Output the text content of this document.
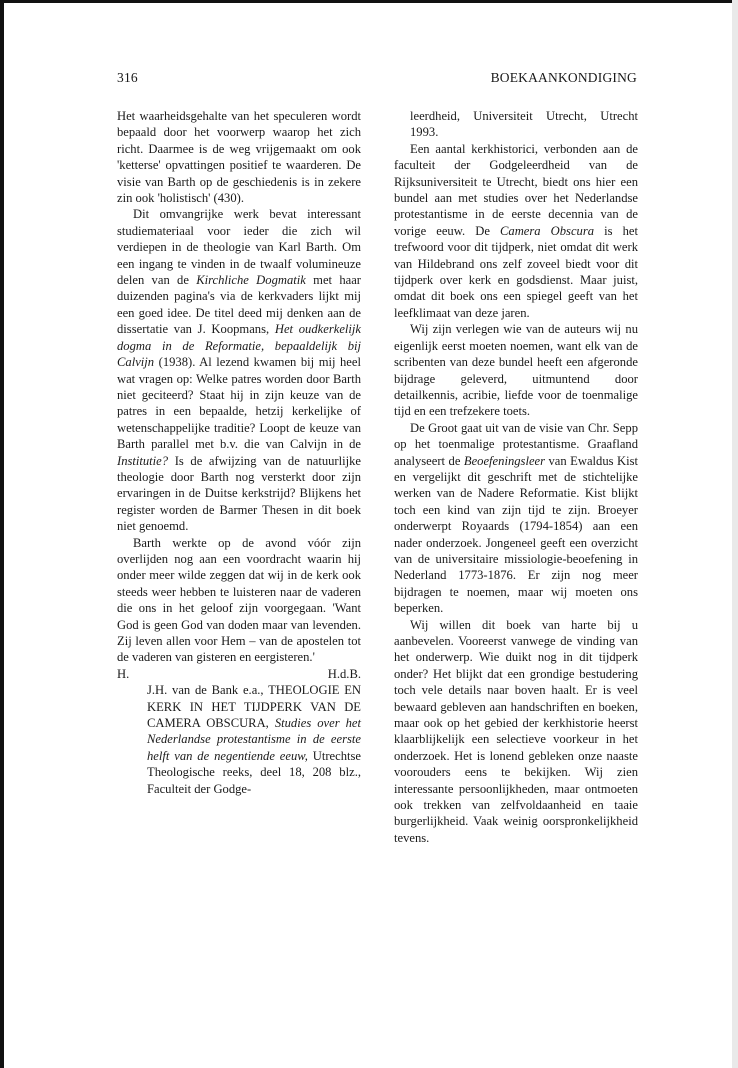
316	BOEKAANKONDIGING

Het waarheidsgehalte van het speculeren wordt bepaald door het voorwerp waarop het zich richt. Daarmee is de weg vrijgemaakt om ook 'ketterse' opvattingen positief te waarderen. De visie van Barth op de geschiedenis is in zekere zin ook 'holistisch' (430).

Dit omvangrijke werk bevat interessant studiemateriaal voor ieder die zich wil verdiepen in de theologie van Karl Barth. Om een ingang te vinden in de twaalf volumineuze delen van de Kirchliche Dogmatik met haar duizenden pagina's via de kerkvaders lijkt mij een goed idee. De titel deed mij denken aan de dissertatie van J. Koopmans, Het oudkerkelijk dogma in de Reformatie, bepaaldelijk bij Calvijn (1938). Al lezend kwamen bij mij heel wat vragen op: Welke patres worden door Barth niet geciteerd? Staat hij in zijn keuze van de patres in een bepaalde, hetzij kerkelijke of wetenschappelijke traditie? Loopt de keuze van Barth parallel met b.v. die van Calvijn in de Institutie? Is de afwijzing van de natuurlijke theologie door Barth nog versterkt door zijn ervaringen in de Duitse kerkstrijd? Blijkens het register worden de Barmer Thesen in dit boek niet genoemd.

Barth werkte op de avond vóór zijn overlijden nog aan een voordracht waarin hij onder meer wilde zeggen dat wij in de kerk ook steeds weer hebben te luisteren naar de vaderen die ons in het geloof zijn voorgegaan. 'Want God is geen God van doden maar van levenden. Zij leven allen voor Hem – van de apostelen tot de vaderen van gisteren en eergisteren.'

H.	H.d.B.

J.H. van de Bank e.a., THEOLOGIE EN KERK IN HET TIJDPERK VAN DE CAMERA OBSCURA, Studies over het Nederlandse protestantisme in de eerste helft van de negentiende eeuw, Utrechtse Theologische reeks, deel 18, 208 blz., Faculteit der Godge-

leerdheid, Universiteit Utrecht, Utrecht 1993.

Een aantal kerkhistorici, verbonden aan de faculteit der Godgeleerdheid van de Rijksuniversiteit te Utrecht, biedt ons hier een bundel aan met studies over het Nederlandse protestantisme in de eerste decennia van de vorige eeuw. De Camera Obscura is het trefwoord voor dit tijdperk, niet omdat dit werk van Hildebrand ons zelf zoveel biedt voor dit tijdperk over kerk en godsdienst. Maar juist, omdat dit boek ons een spiegel geeft van het leefklimaat van deze jaren.

Wij zijn verlegen wie van de auteurs wij nu eigenlijk eerst moeten noemen, want elk van de scribenten van deze bundel heeft een afgeronde bijdrage geleverd, uitmuntend door detailkennis, acribie, liefde voor de toenmalige tijd en een trefzekere toets.

De Groot gaat uit van de visie van Chr. Sepp op het toenmalige protestantisme. Graafland analyseert de Beoefeningsleer van Ewaldus Kist en vergelijkt dit geschrift met de stichtelijke werken van de Nadere Reformatie. Kist blijkt toch een kind van zijn tijd te zijn. Broeyer onderwerpt Royaards (1794-1854) aan een nader onderzoek. Jongeneel geeft een overzicht van de universitaire missiologie-beoefening in Nederland 1773-1876. Er zijn nog meer bijdragen te noemen, maar wij moeten ons beperken.

Wij willen dit boek van harte bij u aanbevelen. Vooreerst vanwege de vinding van het onderwerp. Wie duikt nog in dit tijdperk onder? Het blijkt dat een grondige bestudering toch vele details naar boven haalt. Er is veel bewaard gebleven aan handschriften en boeken, maar ook op het gebied der kerkhistorie heerst klaarblijkelijk een selectieve voorkeur in het onderzoek. Het is lonend gebleken onze naaste voorouders eens te bekijken. Wij zien interessante persoonlijkheden, maar ontmoeten ook trekken van zelfvoldaanheid en taaie burgerlijkheid. Vaak weinig oorspronkelijkheid tevens.
